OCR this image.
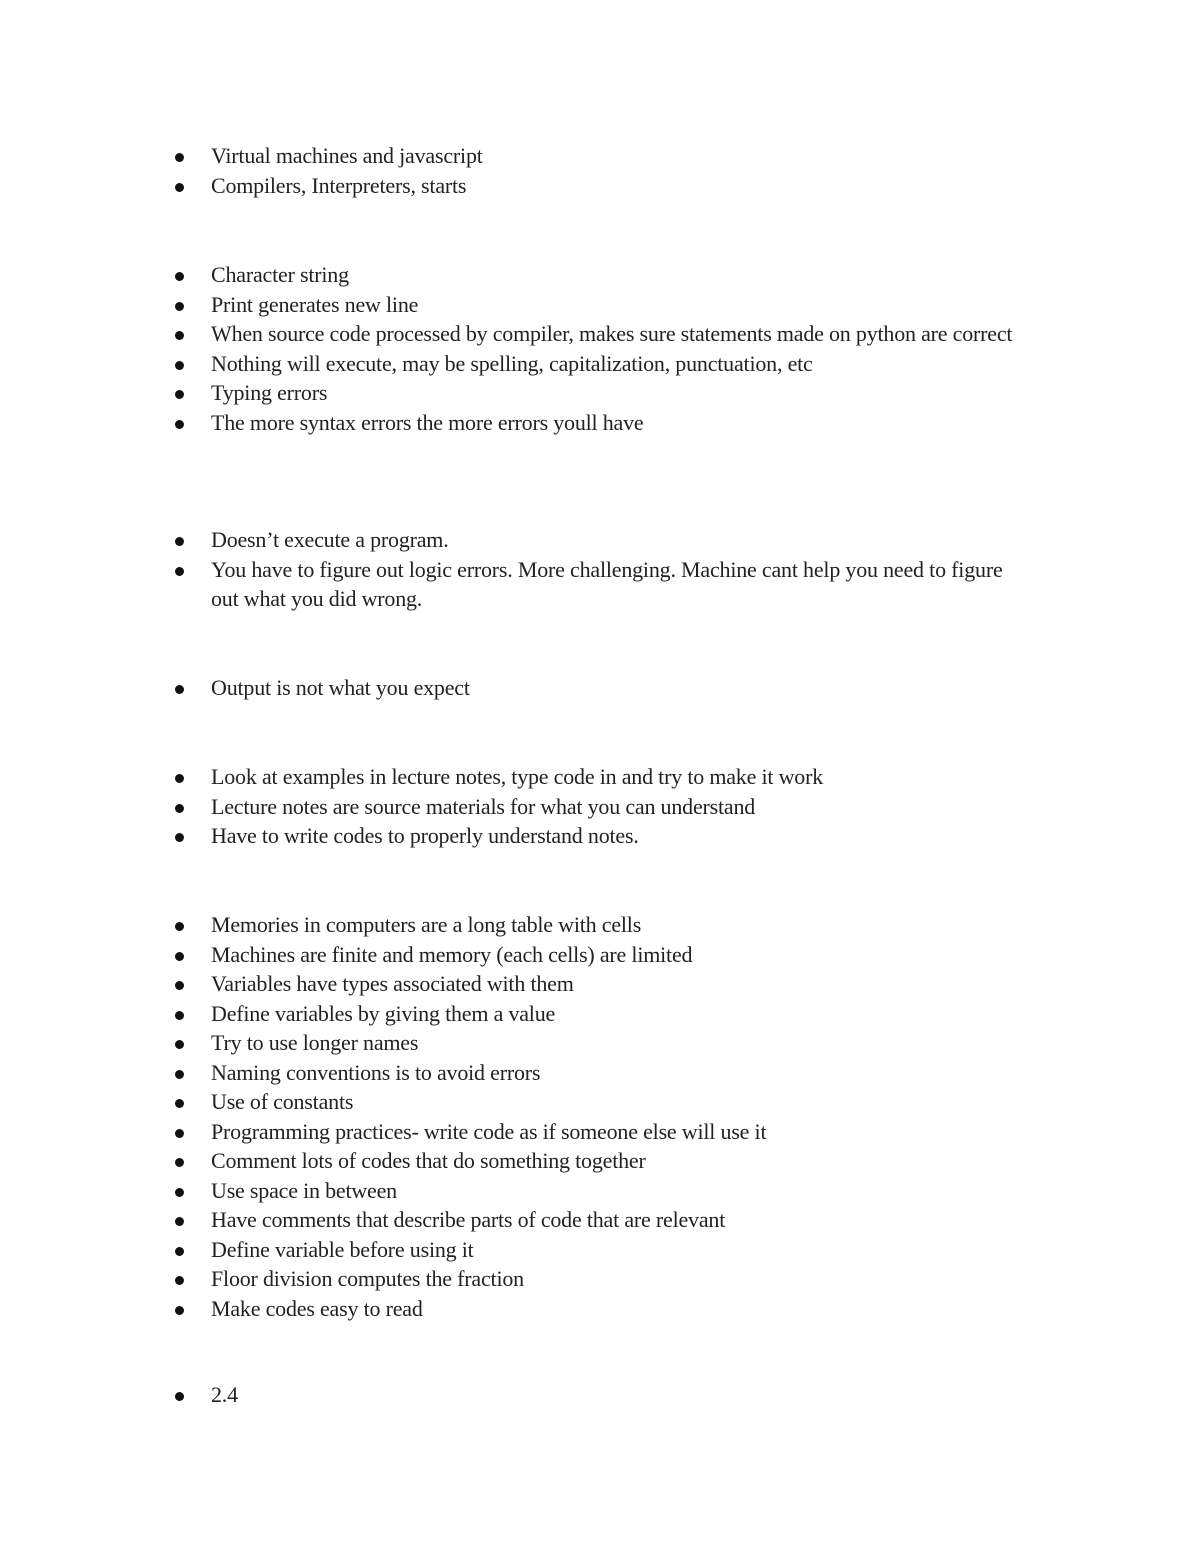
Virtual machines and javascript
Compilers, Interpreters, starts
Character string
Print generates new line
When source code processed by compiler, makes sure statements made on python are correct
Nothing will execute, may be spelling, capitalization, punctuation, etc
Typing errors
The more syntax errors the more errors youll have
Doesn’t execute a program.
You have to figure out logic errors. More challenging. Machine cant help you need to figure out what you did wrong.
Output is not what you expect
Look at examples in lecture notes, type code in and try to make it work
Lecture notes are source materials for what you can understand
Have to write codes to properly understand notes.
Memories in computers are a long table with cells
Machines are finite and memory (each cells) are limited
Variables have types associated with them
Define variables by giving them a value
Try to use longer names
Naming conventions is to avoid errors
Use of constants
Programming practices- write code as if someone else will use it
Comment lots of codes that do something together
Use space in between
Have comments that describe parts of code that are relevant
Define variable before using it
Floor division computes the fraction
Make codes easy to read
2.4
